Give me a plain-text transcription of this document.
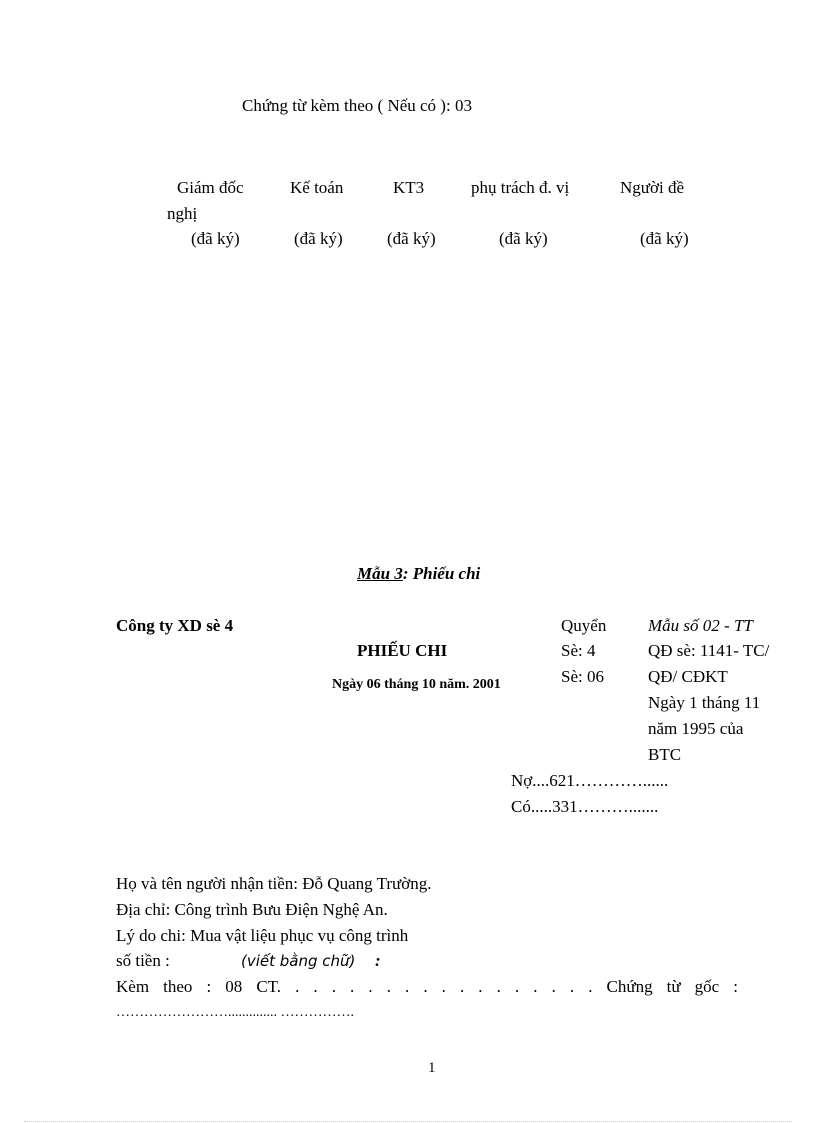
Chứng từ kèm theo ( Nếu có ): 03
Giám đốc	Kế toán	KT3	phụ trách đ. vị	Người đề
nghị
(đã ký)	(đã ký)	(đã ký)	(đã ký)	(đã ký)
Mẫu 3: Phiếu chi
Công ty XD sè 4
PHIẾU CHI
Ngày 06 tháng 10 năm. 2001
Quyển
Sè: 4
Sè: 06
Mẫu số 02 - TT
QĐ sè: 1141- TC/
QĐ/ CĐKT
Ngày 1 tháng 11
năm 1995 của
BTC
Nợ....621…………......
Có.....331……….......
Họ và tên người nhận tiền: Đỗ Quang Trường.
Địa chỉ: Công trình Bưu Điện Nghệ An.
Lý do chi: Mua vật liệu phục vụ công trình
số tiền :	(viết bằng chữ) :
Kèm theo : 08 CT. . . . . . . . . . . . . . . . . . Chứng từ gốc :
…………………….............. …………….
1
